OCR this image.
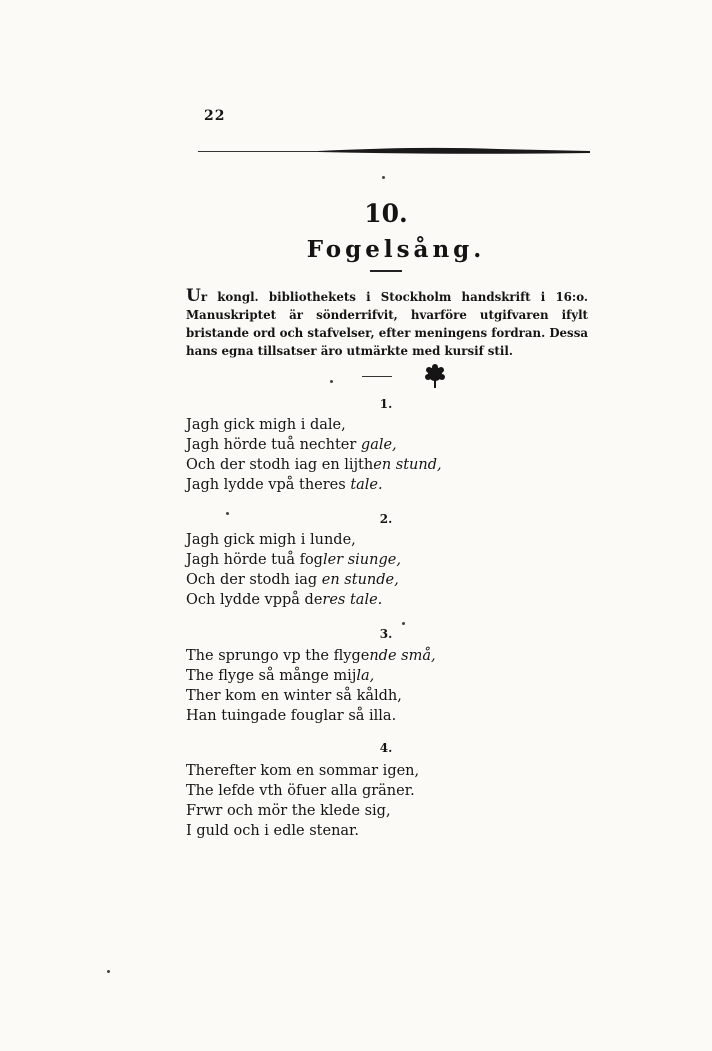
22
10.
Fogelsång.
Ur kongl. bibliothekets i Stockholm handskrift i 16:o. Manuskriptet är sönderrifvit, hvarföre utgifvaren ifylt bristande ord och stafvelser, efter meningens fordran. Dessa hans egna tillsatser äro utmärkte med kursif stil.
1.
Jagh gick migh i dale,
Jagh hörde tuå nechter gale,
Och der stodh iag en lijthen stund,
Jagh lydde vpå theres tale.
2.
Jagh gick migh i lunde,
Jagh hörde tuå fogler siunge,
Och der stodh iag en stunde,
Och lydde vppå deres tale.
3.
The sprungo vp the flygende små,
The flyge så månge mijla,
Ther kom en winter så kåldh,
Han tuingade fouglar så illa.
4.
Therefter kom en sommar igen,
The lefde vth öfuer alla gräner.
Frwr och mör the klede sig,
I guld och i edle stenar.
